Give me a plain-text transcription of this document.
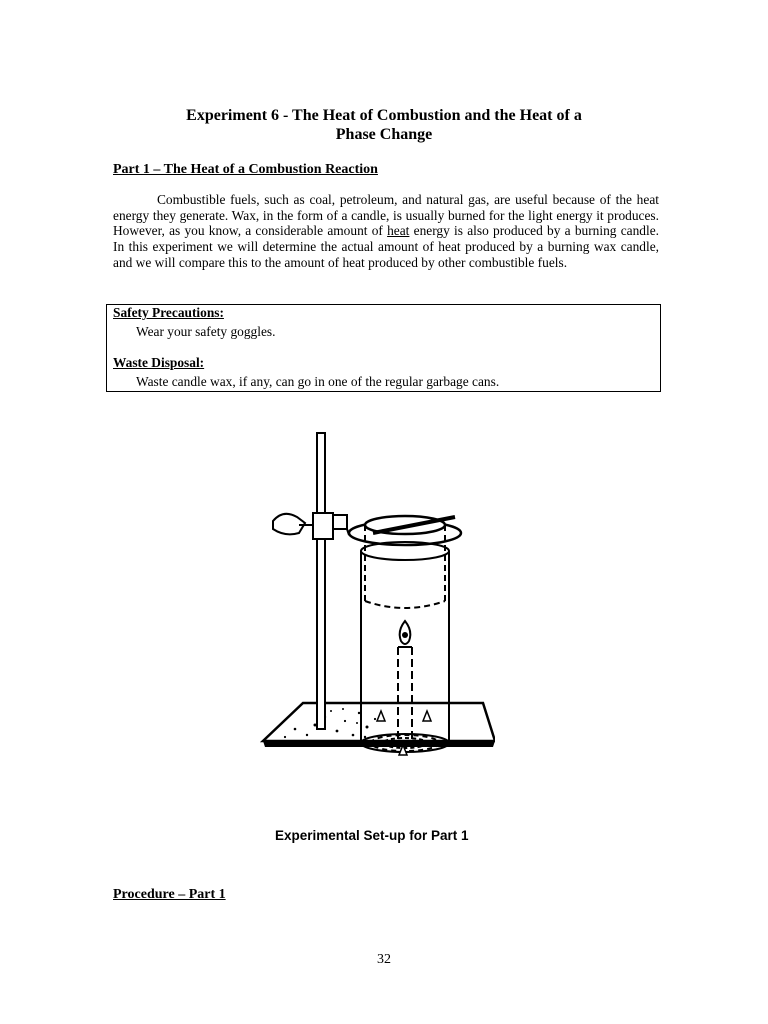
Experiment 6 - The Heat of Combustion and the Heat of a
Phase Change
Part 1 – The Heat of a Combustion Reaction
Combustible fuels, such as coal, petroleum, and natural gas, are useful because of the heat energy they generate. Wax, in the form of a candle, is usually burned for the light energy it produces. However, as you know, a considerable amount of heat energy is also produced by a burning candle. In this experiment we will determine the actual amount of heat produced by a burning wax candle, and we will compare this to the amount of heat produced by other combustible fuels.
Safety Precautions:
Wear your safety goggles.
Waste Disposal:
Waste candle wax, if any, can go in one of the regular garbage cans.
Experimental Set-up for Part 1
Procedure – Part 1
32
